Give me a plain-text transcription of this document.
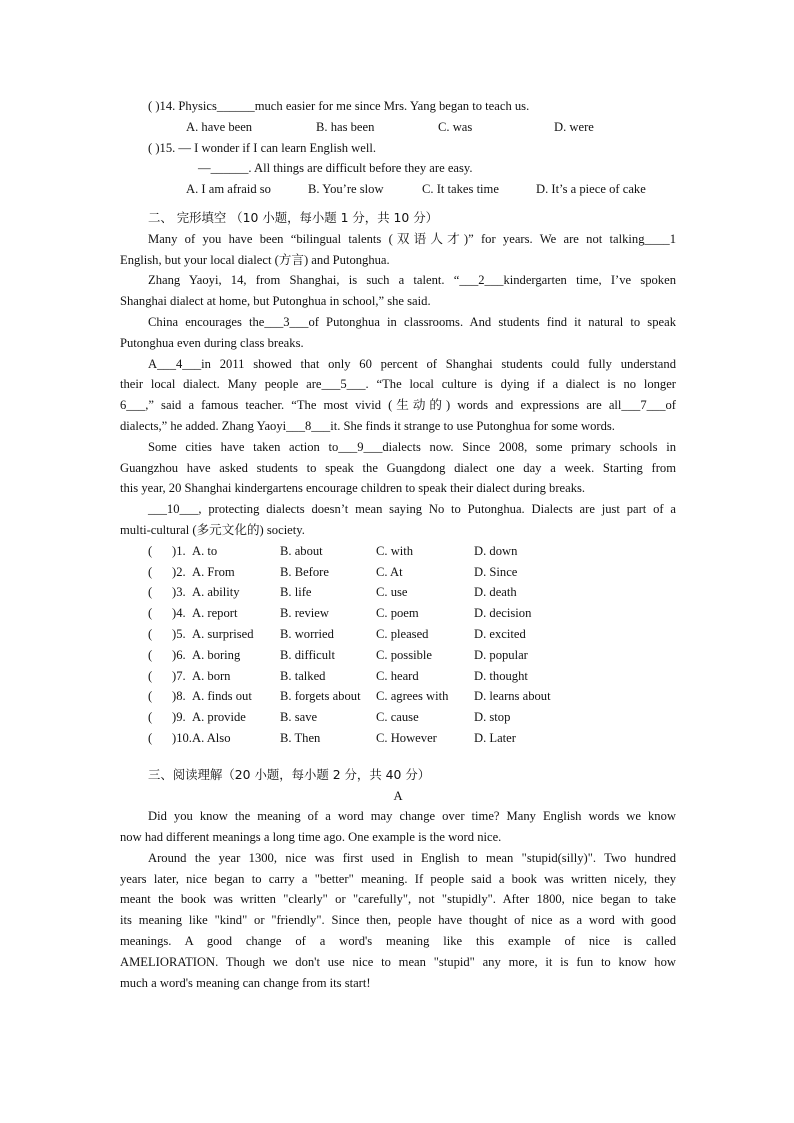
( )14. Physics______much easier for me since Mrs. Yang began to teach us.
A. have been	B. has been	C. was	D. were
( )15. — I wonder if I can learn English well.
—______. All things are difficult before they are easy.
A. I am afraid so	B. You’re slow	C. It takes time	D. It’s a piece of cake
二、 完形填空 （10 小题，每小题 1 分，共 10 分）
Many of you have been “bilingual talents (双语人才)” for years. We are not talking____1
English, but your local dialect (方言) and Putonghua.
Zhang Yaoyi, 14, from Shanghai, is such a talent. “___2___kindergarten time, I’ve spoken
Shanghai dialect at home, but Putonghua in school,” she said.
China encourages the___3___of Putonghua in classrooms. And students find it natural to speak
Putonghua even during class breaks.
A___4___in 2011 showed that only 60 percent of Shanghai students could fully understand
their local dialect. Many people are___5___. “The local culture is dying if a dialect is no longer
6___,” said a famous teacher. “The most vivid (生动的) words and expressions are all___7___of
dialects,” he added. Zhang Yaoyi___8___it. She finds it strange to use Putonghua for some words.
Some cities have taken action to___9___dialects now. Since 2008, some primary schools in
Guangzhou have asked students to speak the Guangdong dialect one day a week. Starting from
this year, 20 Shanghai kindergartens encourage children to speak their dialect during breaks.
___10___, protecting dialects doesn’t mean saying No to Putonghua. Dialects are just part of a
multi-cultural (多元文化的) society.
( )1. A. to	B. about	C. with	D. down
( )2. A. From	B. Before	C. At	D. Since
( )3. A. ability	B. life	C. use	D. death
( )4. A. report	B. review	C. poem	D. decision
( )5. A. surprised B. worried	C. pleased	D. excited
( )6. A. boring	B. difficult	C. possible	D. popular
( )7. A. born	B. talked	C. heard	D. thought
( )8. A. finds out B. forgets about C. agrees with D. learns about
( )9. A. provide	B. save	C. cause	D. stop
( )10. A. Also	B. Then	C. However	D. Later
三、阅读理解（20 小题，每小题 2 分，共 40 分）
A
Did you know the meaning of a word may change over time? Many English words we know
now had different meanings a long time ago. One example is the word nice.
Around the year 1300, nice was first used in English to mean "stupid(silly)". Two hundred
years later, nice began to carry a "better" meaning. If people said a book was written nicely, they
meant the book was written "clearly" or "carefully", not "stupidly". After 1800, nice began to take
its meaning like "kind" or "friendly". Since then, people have thought of nice as a word with good
meanings. A good change of a word's meaning like this example of nice is called
AMELIORATION. Though we don't use nice to mean "stupid" any more, it is fun to know how
much a word's meaning can change from its start!
